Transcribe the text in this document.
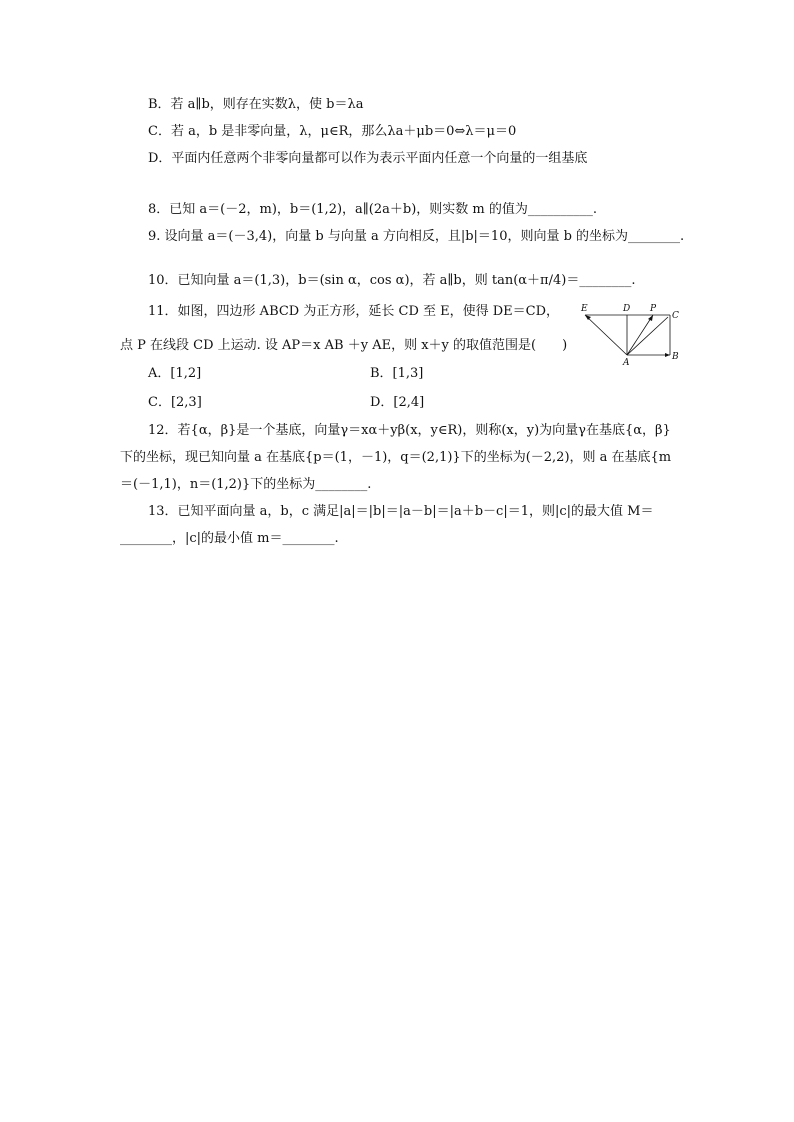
B．若 a∥b，则存在实数λ，使 b＝λa
C．若 a，b 是非零向量，λ，μ∈R，那么λa＋μb＝0⇔λ＝μ＝0
D．平面内任意两个非零向量都可以作为表示平面内任意一个向量的一组基底
8．已知 a＝(－2，m)，b＝(1,2)，a∥(2a＋b)，则实数 m 的值为__________.
9. 设向量 a＝(－3,4)，向量 b 与向量 a 方向相反，且|b|＝10，则向量 b 的坐标为________.
10．已知向量 a＝(1,3)，b＝(sin α，cos α)，若 a∥b，则 tan(α＋π/4)＝________.
11．如图，四边形 ABCD 为正方形，延长 CD 至 E，使得 DE＝CD，
点 P 在线段 CD 上运动. 设 AP＝x AB ＋y AE，则 x＋y 的取值范围是(　　)
A．[1,2]	B．[1,3]
C．[2,3]	D．[2,4]
E	D P
C
B
A
12．若{α，β}是一个基底，向量γ＝xα＋yβ(x，y∈R)，则称(x，y)为向量γ在基底{α，β}
下的坐标，现已知向量 a 在基底{p＝(1，－1)，q＝(2,1)}下的坐标为(－2,2)，则 a 在基底{m
＝(－1,1)，n＝(1,2)}下的坐标为________.
13．已知平面向量 a，b，c 满足|a|＝|b|＝|a－b|＝|a＋b－c|＝1，则|c|的最大值 M＝
________，|c|的最小值 m＝________.
